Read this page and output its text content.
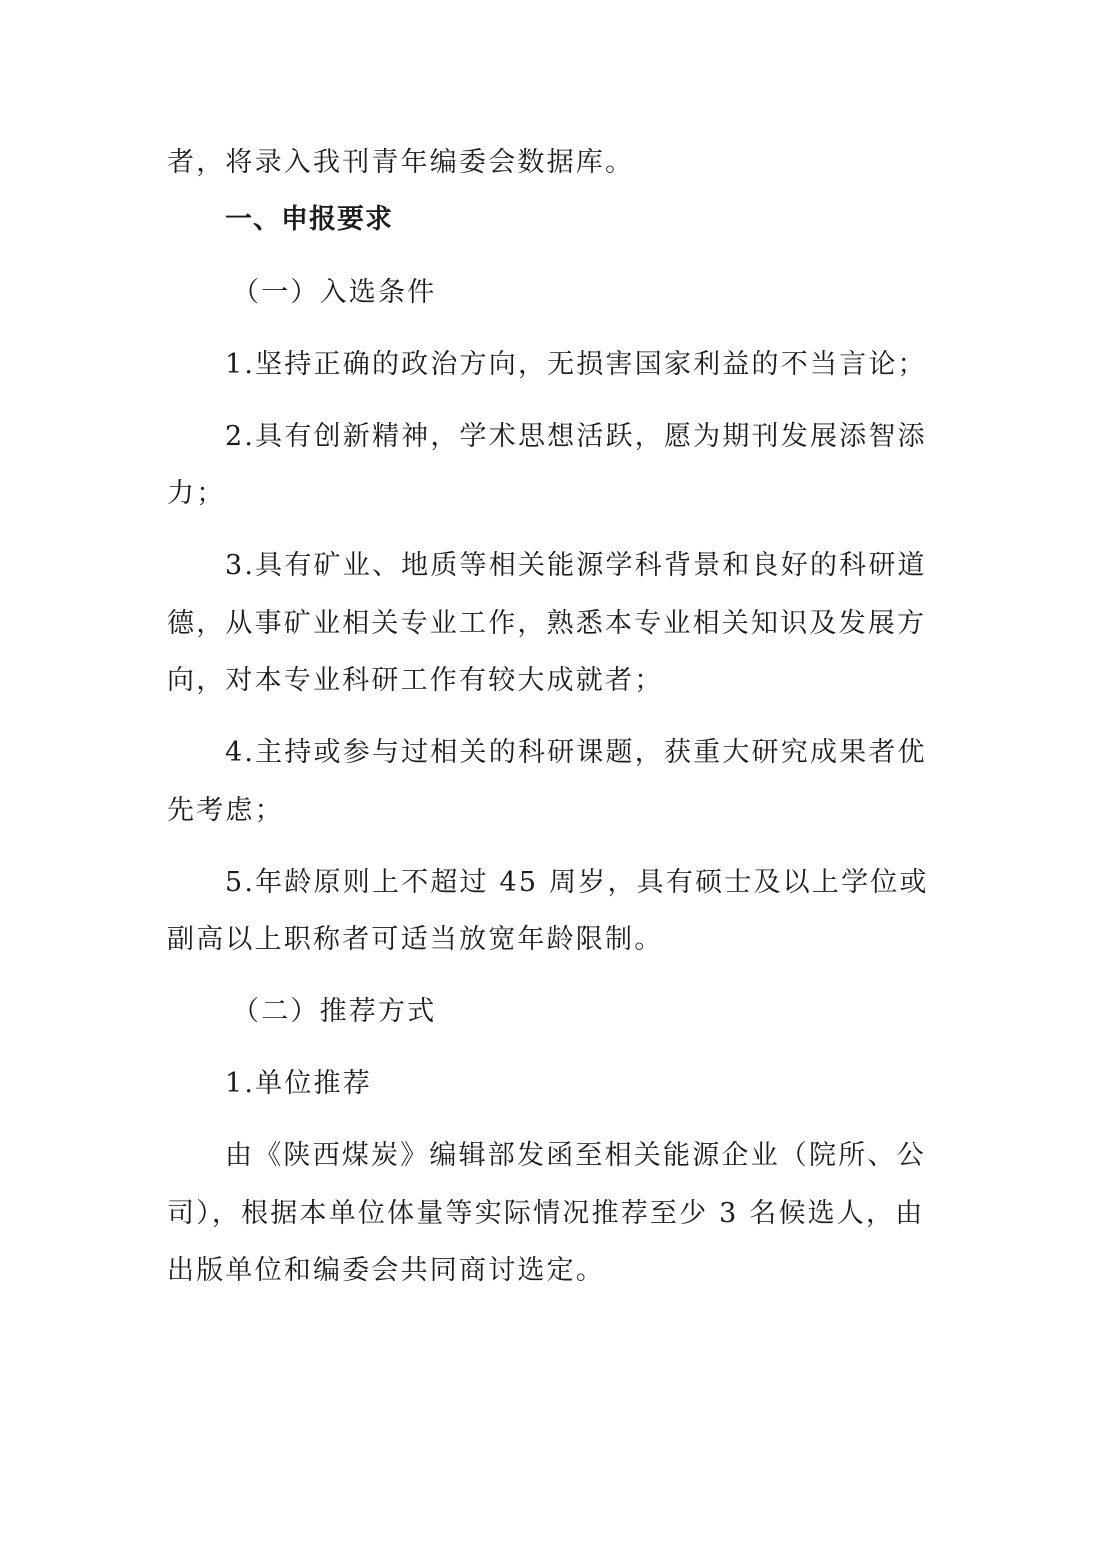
者，将录入我刊青年编委会数据库。
一、申报要求
（一）入选条件
1.坚持正确的政治方向，无损害国家利益的不当言论；
2.具有创新精神，学术思想活跃，愿为期刊发展添智添
力；
3.具有矿业、地质等相关能源学科背景和良好的科研道
德，从事矿业相关专业工作，熟悉本专业相关知识及发展方
向，对本专业科研工作有较大成就者；
4.主持或参与过相关的科研课题，获重大研究成果者优
先考虑；
5.年龄原则上不超过 45 周岁，具有硕士及以上学位或
副高以上职称者可适当放宽年龄限制。
（二）推荐方式
1.单位推荐
由《陕西煤炭》编辑部发函至相关能源企业（院所、公
司），根据本单位体量等实际情况推荐至少 3 名候选人，由
出版单位和编委会共同商讨选定。
